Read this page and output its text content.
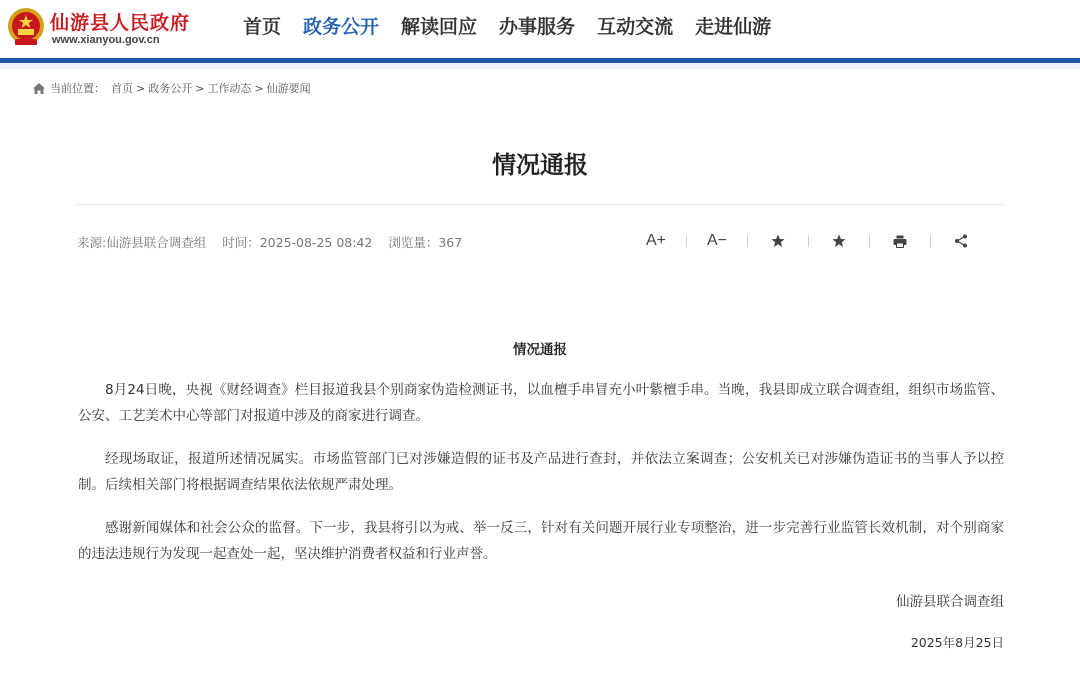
仙游县人民政府
www.xianyou.gov.cn
首页 政务公开 解读回应 办事服务 互动交流 走进仙游
当前位置： 首页 > 政务公开 > 工作动态 > 仙游要闻
情况通报
来源:仙游县联合调查组 时间：2025-08-25 08:42 浏览量：367	A+	A−
情况通报

8月24日晚，央视《财经调查》栏目报道我县个别商家伪造检测证书，以血檀手串冒充小叶紫檀手串。当晚，我县即成立联合调查组，组织市场监管、公安、工艺美术中心等部门对报道中涉及的商家进行调查。

经现场取证，报道所述情况属实。市场监管部门已对涉嫌造假的证书及产品进行查封，并依法立案调查；公安机关已对涉嫌伪造证书的当事人予以控制。后续相关部门将根据调查结果依法依规严肃处理。

感谢新闻媒体和社会公众的监督。下一步，我县将引以为戒、举一反三，针对有关问题开展行业专项整治，进一步完善行业监管长效机制，对个别商家的违法违规行为发现一起查处一起，坚决维护消费者权益和行业声誉。

仙游县联合调查组
2025年8月25日
